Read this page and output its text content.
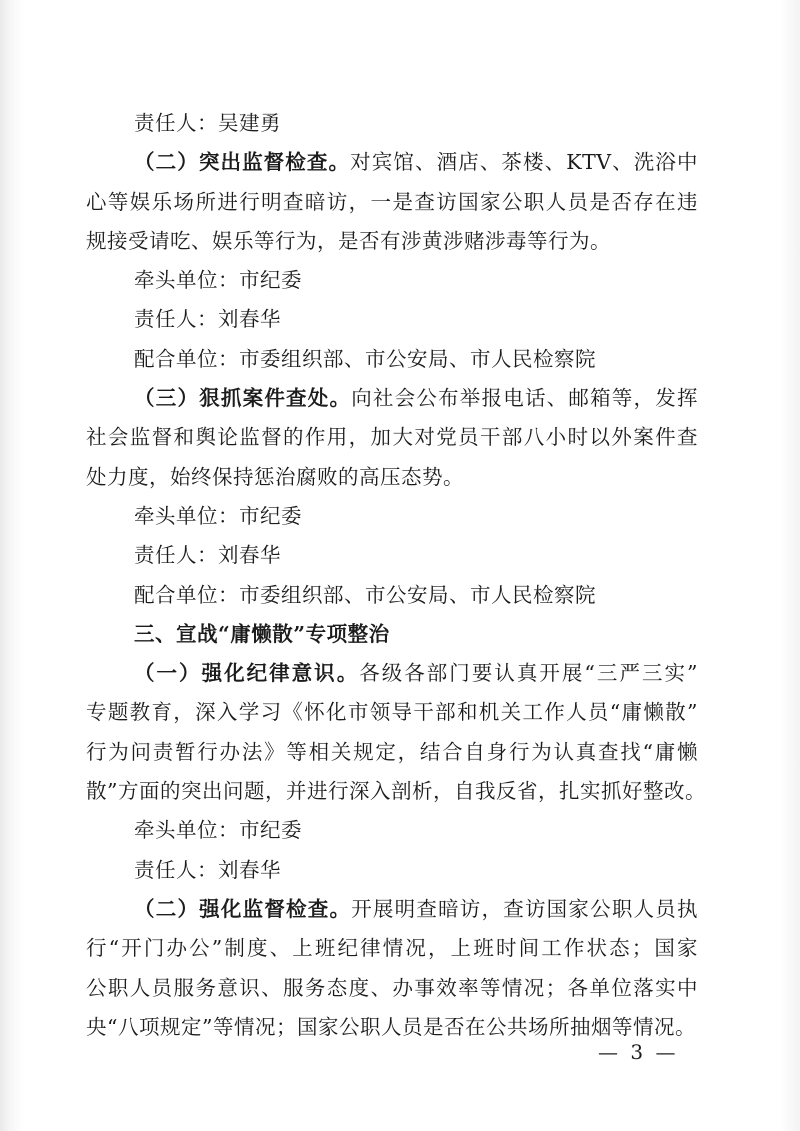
责任人：吴建勇
（二）突出监督检查。对宾馆、酒店、茶楼、KTV、洗浴中
心等娱乐场所进行明查暗访，一是查访国家公职人员是否存在违
规接受请吃、娱乐等行为，是否有涉黄涉赌涉毒等行为。
牵头单位：市纪委
责任人：刘春华
配合单位：市委组织部、市公安局、市人民检察院
（三）狠抓案件查处。向社会公布举报电话、邮箱等，发挥
社会监督和舆论监督的作用，加大对党员干部八小时以外案件查
处力度，始终保持惩治腐败的高压态势。
牵头单位：市纪委
责任人：刘春华
配合单位：市委组织部、市公安局、市人民检察院
三、宣战“庸懒散”专项整治
（一）强化纪律意识。各级各部门要认真开展“三严三实”
专题教育，深入学习《怀化市领导干部和机关工作人员“庸懒散”
行为问责暂行办法》等相关规定，结合自身行为认真查找“庸懒
散”方面的突出问题，并进行深入剖析，自我反省，扎实抓好整改。
牵头单位：市纪委
责任人：刘春华
（二）强化监督检查。开展明查暗访，查访国家公职人员执
行“开门办公”制度、上班纪律情况，上班时间工作状态；国家
公职人员服务意识、服务态度、办事效率等情况；各单位落实中
央“八项规定”等情况；国家公职人员是否在公共场所抽烟等情况。
— 3 —
